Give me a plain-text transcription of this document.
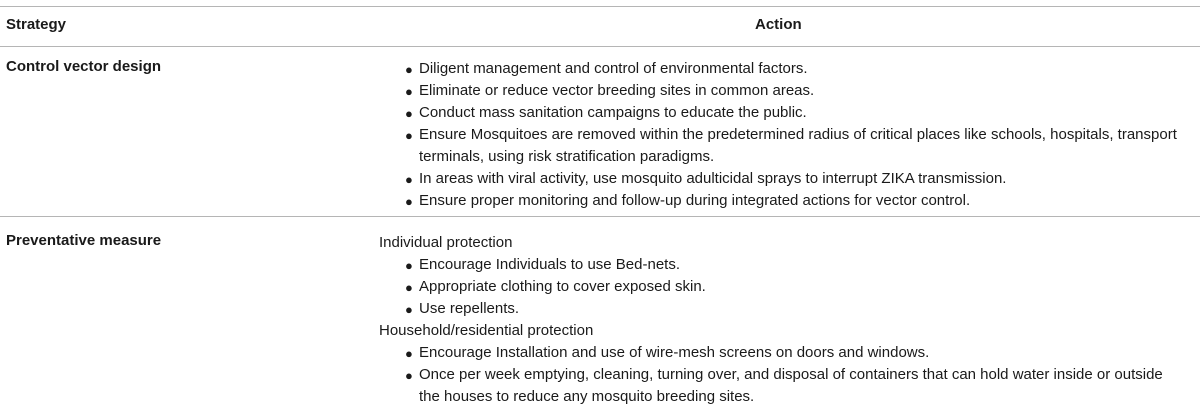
Strategy	Action
Control vector design	● Diligent management and control of environmental factors.
● Eliminate or reduce vector breeding sites in common areas.
● Conduct mass sanitation campaigns to educate the public.
● Ensure Mosquitoes are removed within the predetermined radius of critical places like schools, hospitals, transport terminals, using risk stratification paradigms.
● In areas with viral activity, use mosquito adulticidal sprays to interrupt ZIKA transmission.
● Ensure proper monitoring and follow-up during integrated actions for vector control.
Preventative measure	Individual protection
● Encourage Individuals to use Bed-nets.
● Appropriate clothing to cover exposed skin.
● Use repellents.
Household/residential protection
● Encourage Installation and use of wire-mesh screens on doors and windows.
● Once per week emptying, cleaning, turning over, and disposal of containers that can hold water inside or outside the houses to reduce any mosquito breeding sites.
